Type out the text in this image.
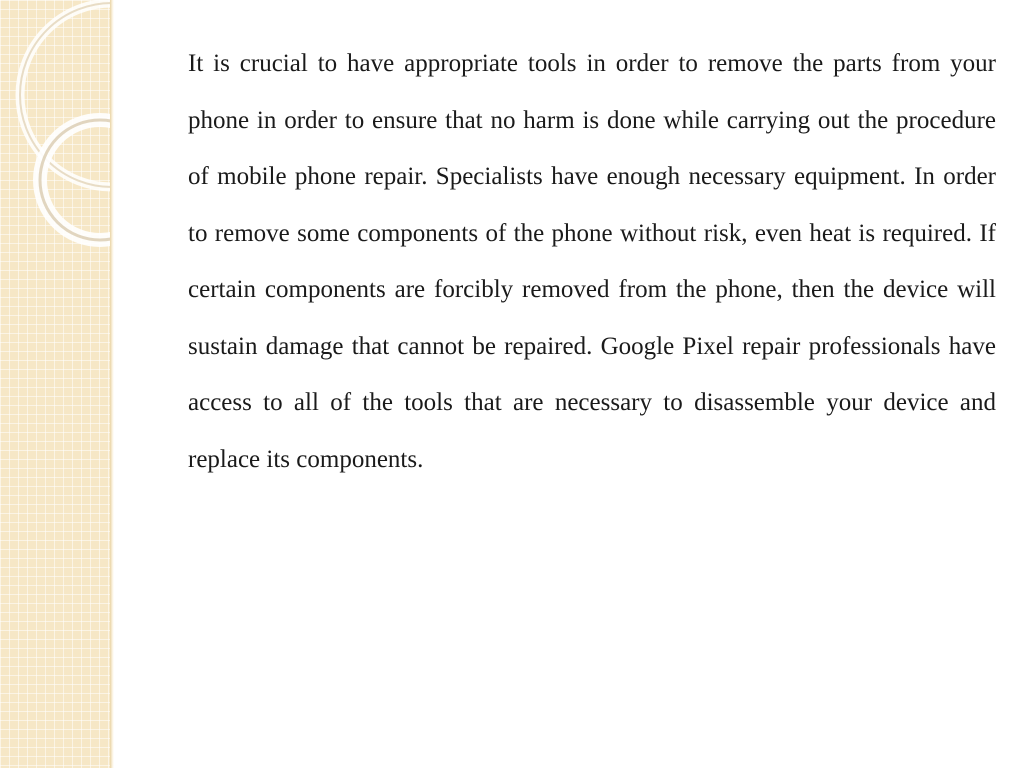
It is crucial to have appropriate tools in order to remove the parts from your phone in order to ensure that no harm is done while carrying out the procedure of mobile phone repair. Specialists have enough necessary equipment. In order to remove some components of the phone without risk, even heat is required. If certain components are forcibly removed from the phone, then the device will sustain damage that cannot be repaired. Google Pixel repair professionals have access to all of the tools that are necessary to disassemble your device and replace its components.
